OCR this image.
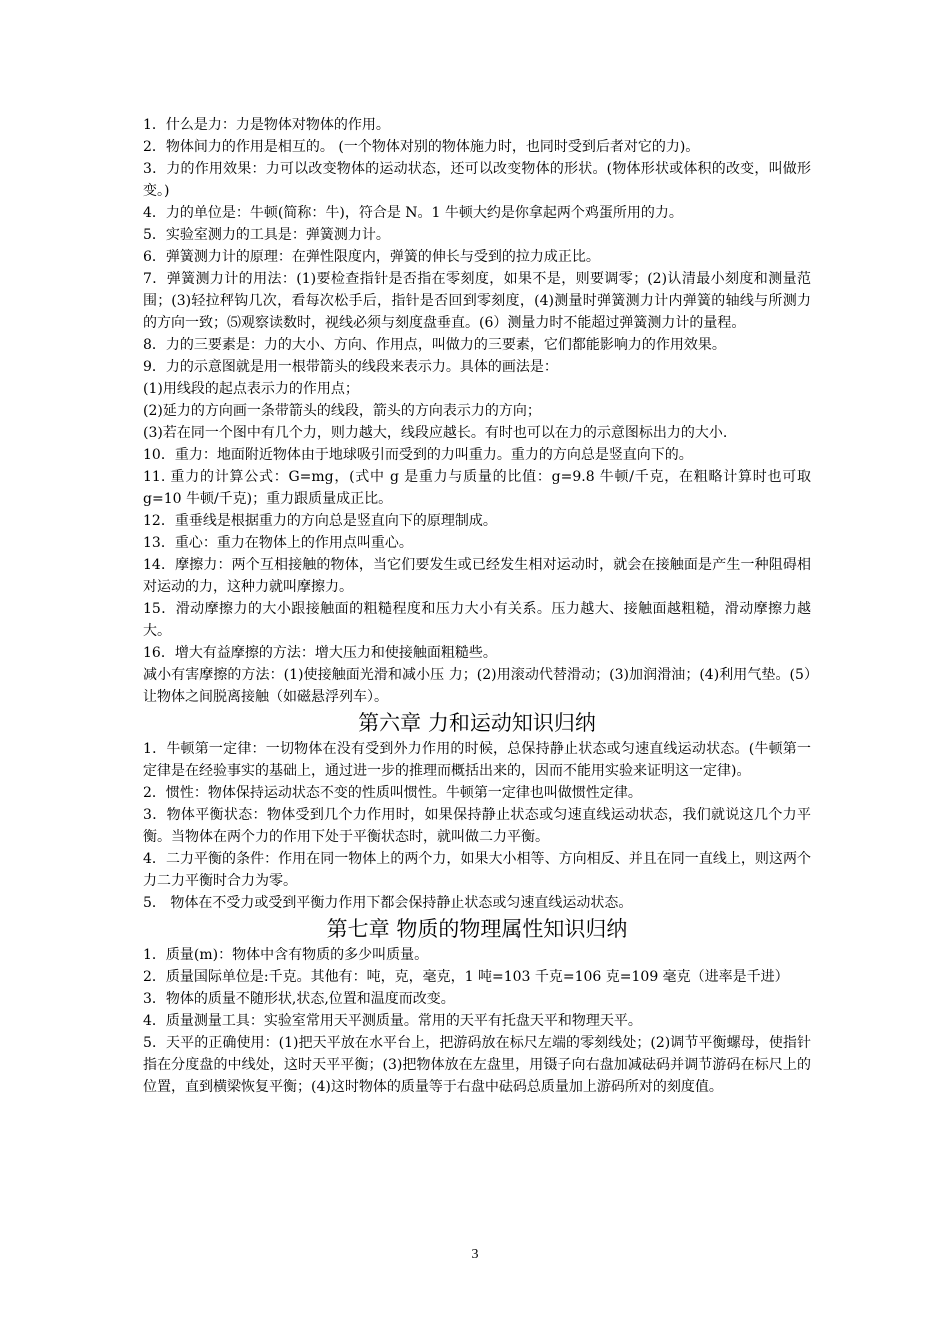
1．什么是力：力是物体对物体的作用。

2．物体间力的作用是相互的。 (一个物体对别的物体施力时，也同时受到后者对它的力)。

3．力的作用效果：力可以改变物体的运动状态，还可以改变物体的形状。(物体形状或体积的改变，叫做形变。)

4．力的单位是：牛顿(简称：牛)，符合是 N。1 牛顿大约是你拿起两个鸡蛋所用的力。

5．实验室测力的工具是：弹簧测力计。

6．弹簧测力计的原理：在弹性限度内，弹簧的伸长与受到的拉力成正比。

7．弹簧测力计的用法：(1)要检查指针是否指在零刻度，如果不是，则要调零；(2)认清最小刻度和测量范围；(3)轻拉秤钩几次，看每次松手后，指针是否回到零刻度，(4)测量时弹簧测力计内弹簧的轴线与所测力的方向一致；⑸观察读数时，视线必须与刻度盘垂直。(6）测量力时不能超过弹簧测力计的量程。

8．力的三要素是：力的大小、方向、作用点，叫做力的三要素，它们都能影响力的作用效果。

9．力的示意图就是用一根带箭头的线段来表示力。具体的画法是：

(1)用线段的起点表示力的作用点；

(2)延力的方向画一条带箭头的线段，箭头的方向表示力的方向；

(3)若在同一个图中有几个力，则力越大，线段应越长。有时也可以在力的示意图标出力的大小.

10．重力：地面附近物体由于地球吸引而受到的力叫重力。重力的方向总是竖直向下的。

11. 重力的计算公式：G=mg，(式中 g 是重力与质量的比值：g=9.8 牛顿/千克，在粗略计算时也可取 g=10 牛顿/千克)；重力跟质量成正比。

12．重垂线是根据重力的方向总是竖直向下的原理制成。

13．重心：重力在物体上的作用点叫重心。

14．摩擦力：两个互相接触的物体，当它们要发生或已经发生相对运动时，就会在接触面是产生一种阻碍相对运动的力，这种力就叫摩擦力。

15．滑动摩擦力的大小跟接触面的粗糙程度和压力大小有关系。压力越大、接触面越粗糙，滑动摩擦力越大。

16．增大有益摩擦的方法：增大压力和使接触面粗糙些。

减小有害摩擦的方法：(1)使接触面光滑和减小压 力；(2)用滚动代替滑动；(3)加润滑油；(4)利用气垫。(5）让物体之间脱离接触（如磁悬浮列车）。

第六章 力和运动知识归纳

1．牛顿第一定律：一切物体在没有受到外力作用的时候，总保持静止状态或匀速直线运动状态。(牛顿第一定律是在经验事实的基础上，通过进一步的推理而概括出来的，因而不能用实验来证明这一定律)。

2．惯性：物体保持运动状态不变的性质叫惯性。牛顿第一定律也叫做惯性定律。

3．物体平衡状态：物体受到几个力作用时，如果保持静止状态或匀速直线运动状态，我们就说这几个力平衡。当物体在两个力的作用下处于平衡状态时，就叫做二力平衡。

4．二力平衡的条件：作用在同一物体上的两个力，如果大小相等、方向相反、并且在同一直线上，则这两个力二力平衡时合力为零。

5． 物体在不受力或受到平衡力作用下都会保持静止状态或匀速直线运动状态。

第七章 物质的物理属性知识归纳

1．质量(m)：物体中含有物质的多少叫质量。

2．质量国际单位是:千克。其他有：吨，克，毫克，1 吨=103 千克=106 克=109 毫克（进率是千进）

3．物体的质量不随形状,状态,位置和温度而改变。

4．质量测量工具：实验室常用天平测质量。常用的天平有托盘天平和物理天平。

5．天平的正确使用：(1)把天平放在水平台上，把游码放在标尺左端的零刻线处；(2)调节平衡螺母，使指针指在分度盘的中线处，这时天平平衡；(3)把物体放在左盘里，用镊子向右盘加减砝码并调节游码在标尺上的位置，直到横梁恢复平衡；(4)这时物体的质量等于右盘中砝码总质量加上游码所对的刻度值。

3
